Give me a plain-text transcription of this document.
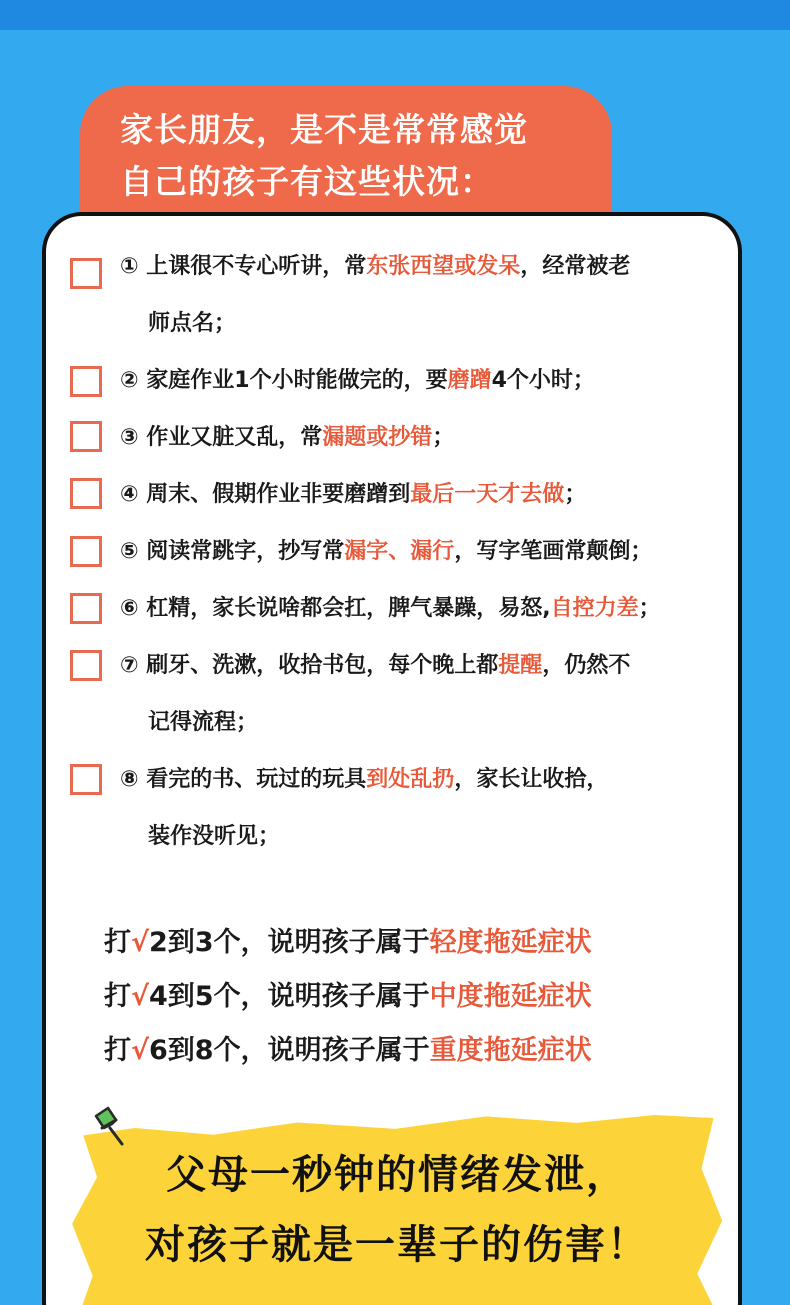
家长朋友，是不是常常感觉
自己的孩子有这些状况：
① 上课很不专心听讲，常东张西望或发呆，经常被老
师点名；
② 家庭作业1个小时能做完的，要磨蹭4个小时；
③ 作业又脏又乱，常漏题或抄错；
④ 周末、假期作业非要磨蹭到最后一天才去做；
⑤ 阅读常跳字，抄写常漏字、漏行，写字笔画常颠倒；
⑥ 杠精，家长说啥都会扛，脾气暴躁，易怒,自控力差；
⑦ 刷牙、洗漱，收拾书包，每个晚上都提醒，仍然不
记得流程；
⑧ 看完的书、玩过的玩具到处乱扔，家长让收拾，
装作没听见；
打√2到3个，说明孩子属于轻度拖延症状
打√4到5个，说明孩子属于中度拖延症状
打√6到8个，说明孩子属于重度拖延症状
父母一秒钟的情绪发泄，
对孩子就是一辈子的伤害！
